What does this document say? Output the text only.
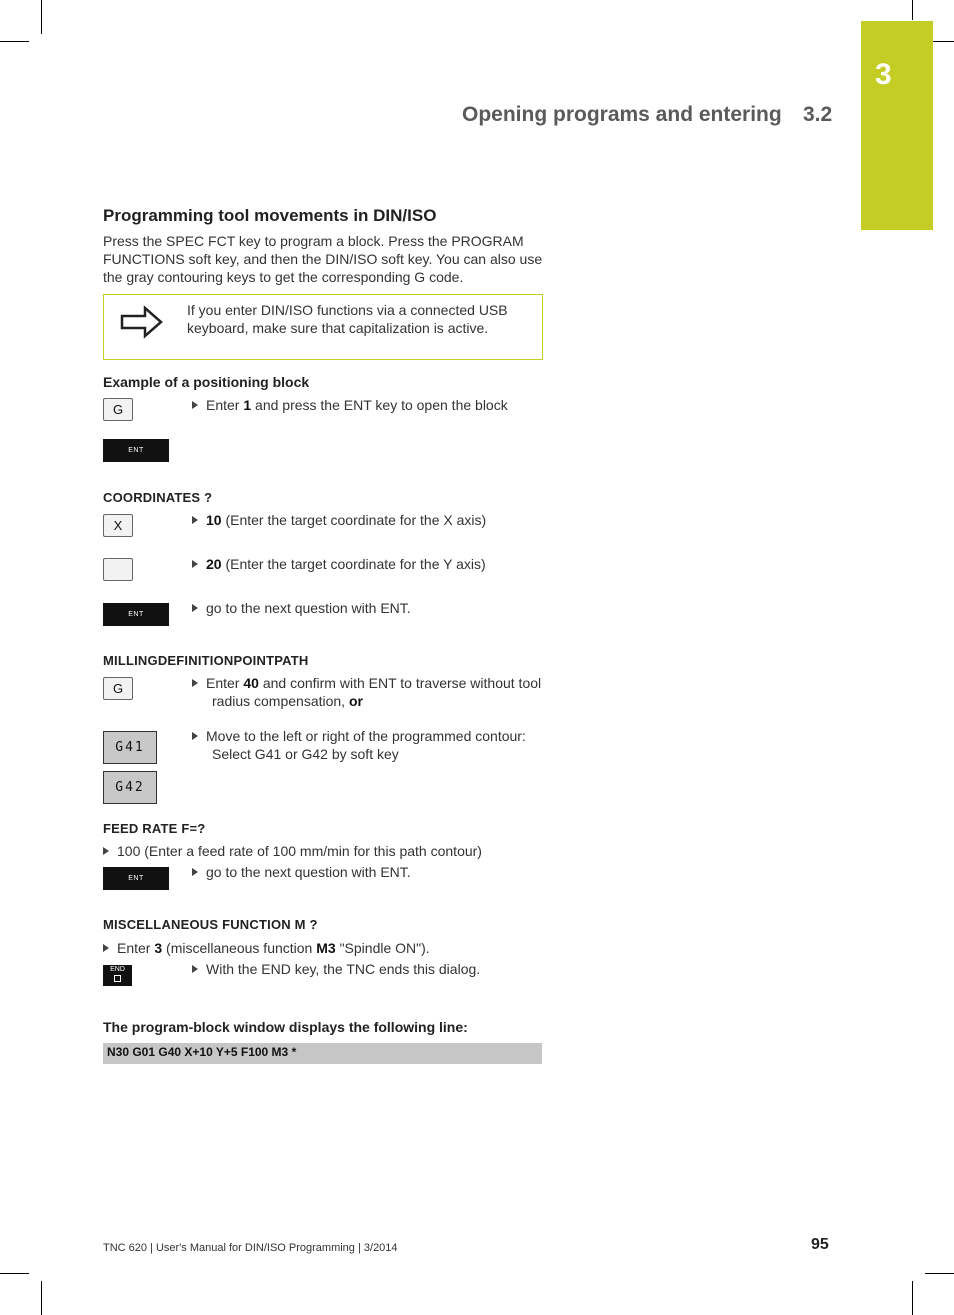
3
Opening programs and entering 3.2
Programming tool movements in DIN/ISO
Press the SPEC FCT key to program a block. Press the PROGRAM FUNCTIONS soft key, and then the DIN/ISO soft key. You can also use the gray contouring keys to get the corresponding G code.
If you enter DIN/ISO functions via a connected USB keyboard, make sure that capitalization is active.
Example of a positioning block
G	Enter 1 and press the ENT key to open the block
ENT
COORDINATES ?
X	10 (Enter the target coordinate for the X axis)
20 (Enter the target coordinate for the Y axis)
ENT	go to the next question with ENT.
MILLINGDEFINITIONPOINTPATH
G	Enter 40 and confirm with ENT to traverse without tool radius compensation, or
G41
Move to the left or right of the programmed contour: Select G41 or G42 by soft key
G42
FEED RATE F=?
100 (Enter a feed rate of 100 mm/min for this path contour)
ENT	go to the next question with ENT.
MISCELLANEOUS FUNCTION M ?
Enter 3 (miscellaneous function M3 "Spindle ON").
END	With the END key, the TNC ends this dialog.
The program-block window displays the following line:
N30 G01 G40 X+10 Y+5 F100 M3 *
TNC 620 | User's Manual for DIN/ISO Programming | 3/2014	95
